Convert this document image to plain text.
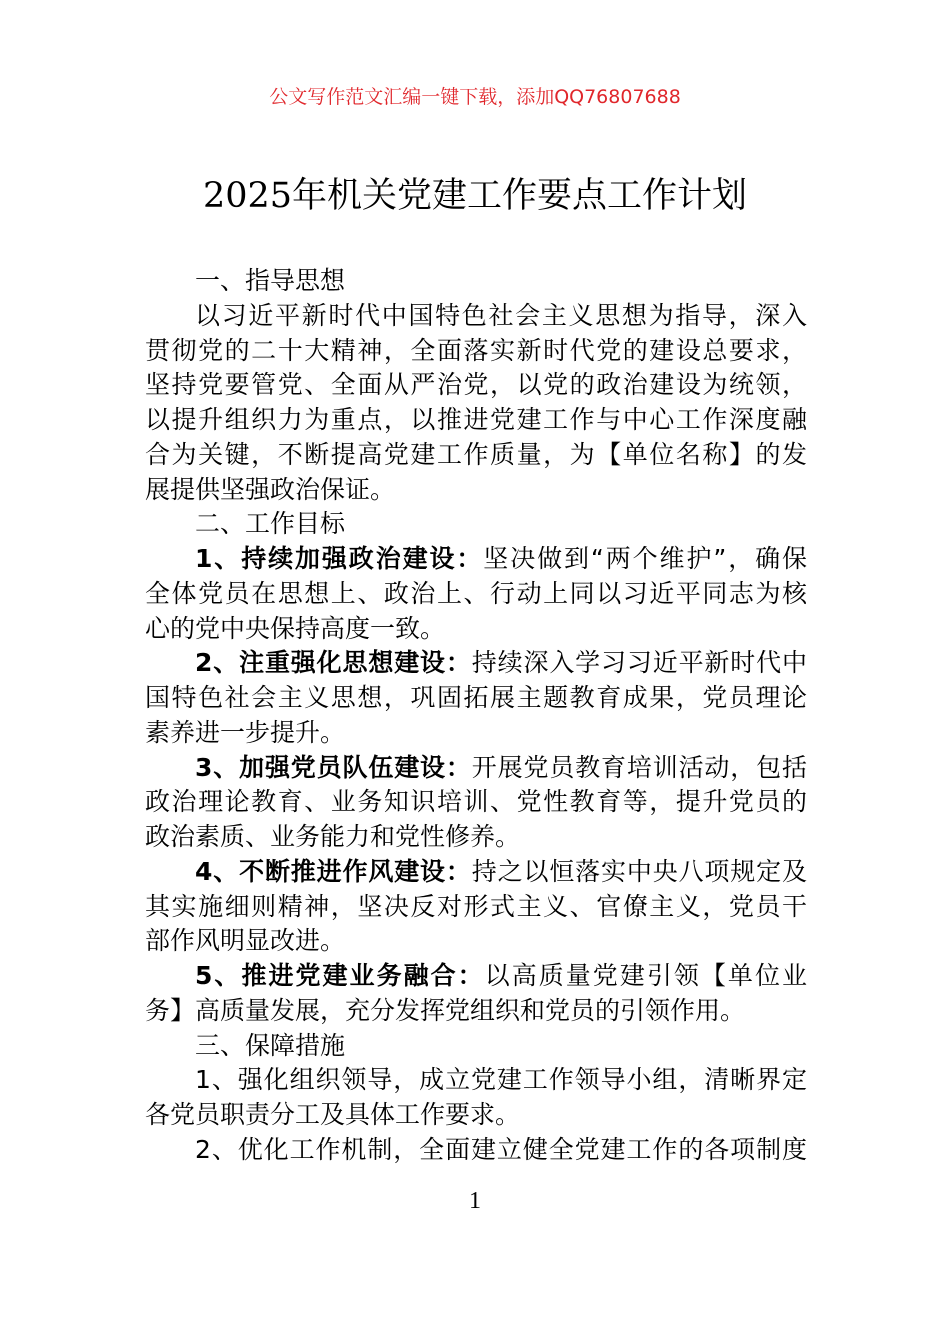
公文写作范文汇编一键下载，添加QQ76807688
2025年机关党建工作要点工作计划
一、指导思想
以习近平新时代中国特色社会主义思想为指导，深入
贯彻党的二十大精神，全面落实新时代党的建设总要求，
坚持党要管党、全面从严治党，以党的政治建设为统领，
以提升组织力为重点，以推进党建工作与中心工作深度融
合为关键，不断提高党建工作质量，为【单位名称】的发
展提供坚强政治保证。
二、工作目标
1、持续加强政治建设：坚决做到“两个维护”，确保
全体党员在思想上、政治上、行动上同以习近平同志为核
心的党中央保持高度一致。
2、注重强化思想建设：持续深入学习习近平新时代中
国特色社会主义思想，巩固拓展主题教育成果，党员理论
素养进一步提升。
3、加强党员队伍建设：开展党员教育培训活动，包括
政治理论教育、业务知识培训、党性教育等，提升党员的
政治素质、业务能力和党性修养。
4、不断推进作风建设：持之以恒落实中央八项规定及
其实施细则精神，坚决反对形式主义、官僚主义，党员干
部作风明显改进。
5、推进党建业务融合：以高质量党建引领【单位业
务】高质量发展，充分发挥党组织和党员的引领作用。
三、保障措施
1、强化组织领导，成立党建工作领导小组，清晰界定
各党员职责分工及具体工作要求。
2、优化工作机制，全面建立健全党建工作的各项制度
1
